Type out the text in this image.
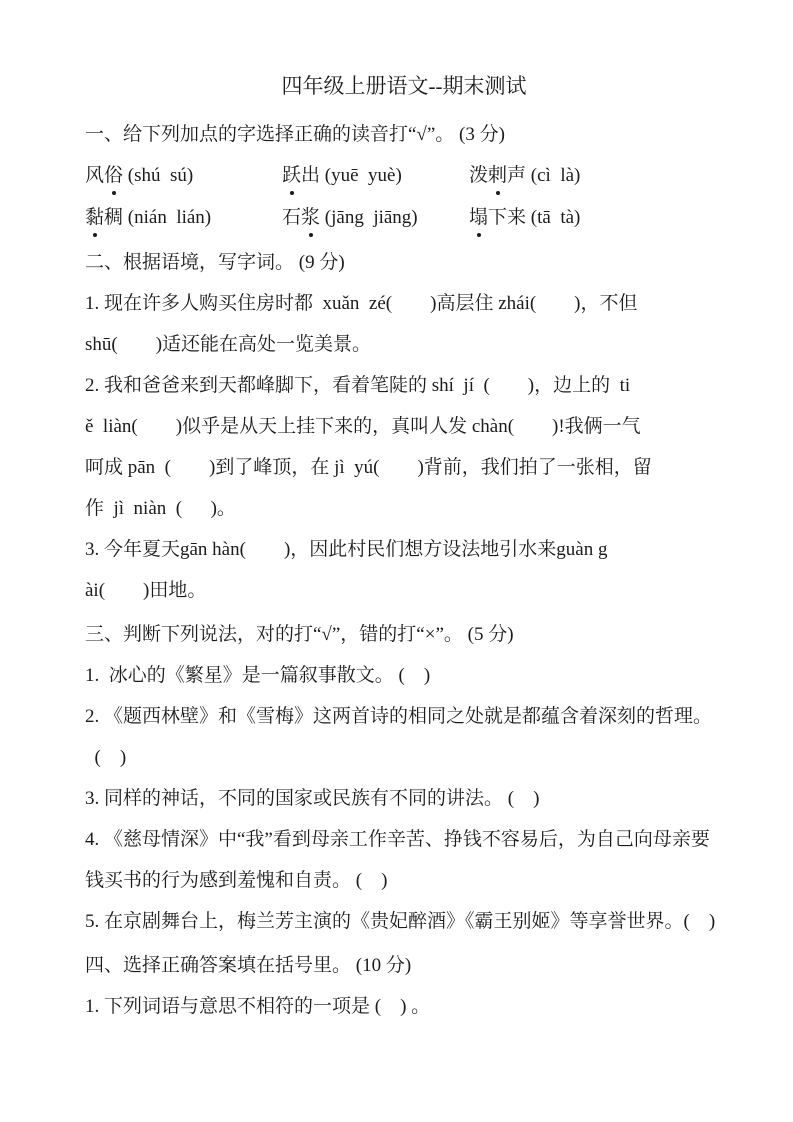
四年级上册语文--期末测试
一、给下列加点的字选择正确的读音打“√”。 (3 分)
风俗 (shú  sú)	跃出 (yuē  yuè)	泼剌声 (cì  là)
黏稠 (nián  lián)	石浆 (jāng  jiāng)	塌下来 (tā  tà)
二、根据语境，写字词。 (9 分)
1. 现在许多人购买住房时都  xuǎn  zé(        )高层住 zhái(        )，不但
shū(        )适还能在高处一览美景。
2. 我和爸爸来到天都峰脚下，看着笔陡的 shí  jí  (        )，边上的  ti
ě  liàn(        )似乎是从天上挂下来的，真叫人发 chàn(        )!我俩一气
呵成 pān  (        )到了峰顶，在 jì  yú(        )背前，我们拍了一张相，留
作  jì  niàn  (      )。
3. 今年夏天gān hàn(        )，因此村民们想方设法地引水来guàn g
ài(        )田地。
三、判断下列说法，对的打“√”，错的打“×”。 (5 分)
1.  冰心的《繁星》是一篇叙事散文。 (    )
2. 《题西林壁》和《雪梅》这两首诗的相同之处就是都蕴含着深刻的哲理。
(    )
3. 同样的神话，不同的国家或民族有不同的讲法。 (    )
4. 《慈母情深》中“我”看到母亲工作辛苦、挣钱不容易后，为自己向母亲要
钱买书的行为感到羞愧和自责。 (    )
5. 在京剧舞台上，梅兰芳主演的《贵妃醉酒》《霸王别姬》等享誉世界。(    )
四、选择正确答案填在括号里。 (10 分)
1. 下列词语与意思不相符的一项是 (    ) 。
